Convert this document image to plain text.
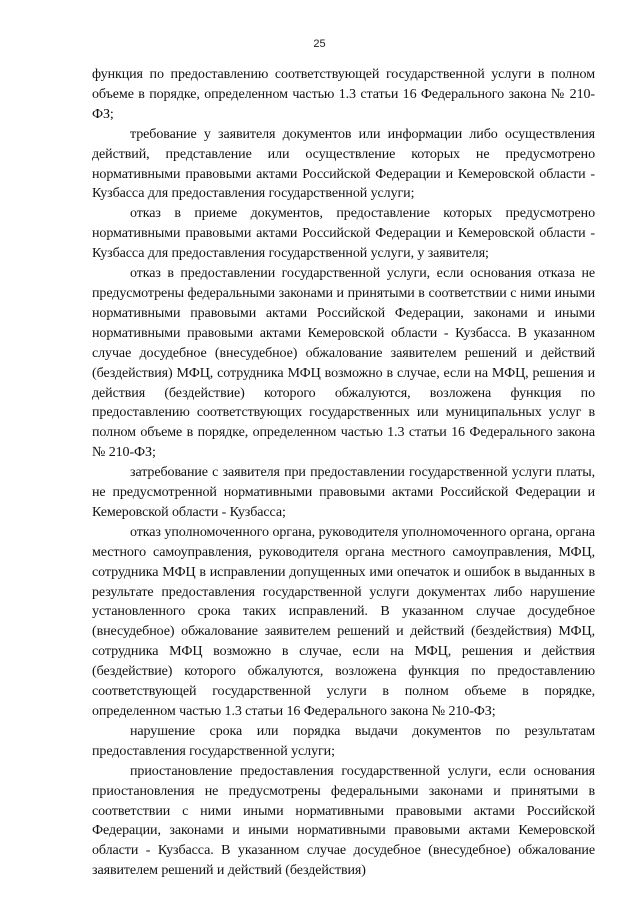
25

функция по предоставлению соответствующей государственной услуги в полном объеме в порядке, определенном частью 1.3 статьи 16 Федерального закона № 210-ФЗ;

требование у заявителя документов или информации либо осуществления действий, представление или осуществление которых не предусмотрено нормативными правовыми актами Российской Федерации и Кемеровской области - Кузбасса для предоставления государственной услуги;

отказ в приеме документов, предоставление которых предусмотрено нормативными правовыми актами Российской Федерации и Кемеровской области - Кузбасса для предоставления государственной услуги, у заявителя;

отказ в предоставлении государственной услуги, если основания отказа не предусмотрены федеральными законами и принятыми в соответствии с ними иными нормативными правовыми актами Российской Федерации, законами и иными нормативными правовыми актами Кемеровской области - Кузбасса. В указанном случае досудебное (внесудебное) обжалование заявителем решений и действий (бездействия) МФЦ, сотрудника МФЦ возможно в случае, если на МФЦ, решения и действия (бездействие) которого обжалуются, возложена функция по предоставлению соответствующих государственных или муниципальных услуг в полном объеме в порядке, определенном частью 1.3 статьи 16 Федерального закона № 210-ФЗ;

затребование с заявителя при предоставлении государственной услуги платы, не предусмотренной нормативными правовыми актами Российской Федерации и Кемеровской области - Кузбасса;

отказ уполномоченного органа, руководителя уполномоченного органа, органа местного самоуправления, руководителя органа местного самоуправления, МФЦ, сотрудника МФЦ в исправлении допущенных ими опечаток и ошибок в выданных в результате предоставления государственной услуги документах либо нарушение установленного срока таких исправлений. В указанном случае досудебное (внесудебное) обжалование заявителем решений и действий (бездействия) МФЦ, сотрудника МФЦ возможно в случае, если на МФЦ, решения и действия (бездействие) которого обжалуются, возложена функция по предоставлению соответствующей государственной услуги в полном объеме в порядке, определенном частью 1.3 статьи 16 Федерального закона № 210-ФЗ;

нарушение срока или порядка выдачи документов по результатам предоставления государственной услуги;

приостановление предоставления государственной услуги, если основания приостановления не предусмотрены федеральными законами и принятыми в соответствии с ними иными нормативными правовыми актами Российской Федерации, законами и иными нормативными правовыми актами Кемеровской области - Кузбасса. В указанном случае досудебное (внесудебное) обжалование заявителем решений и действий (бездействия)
